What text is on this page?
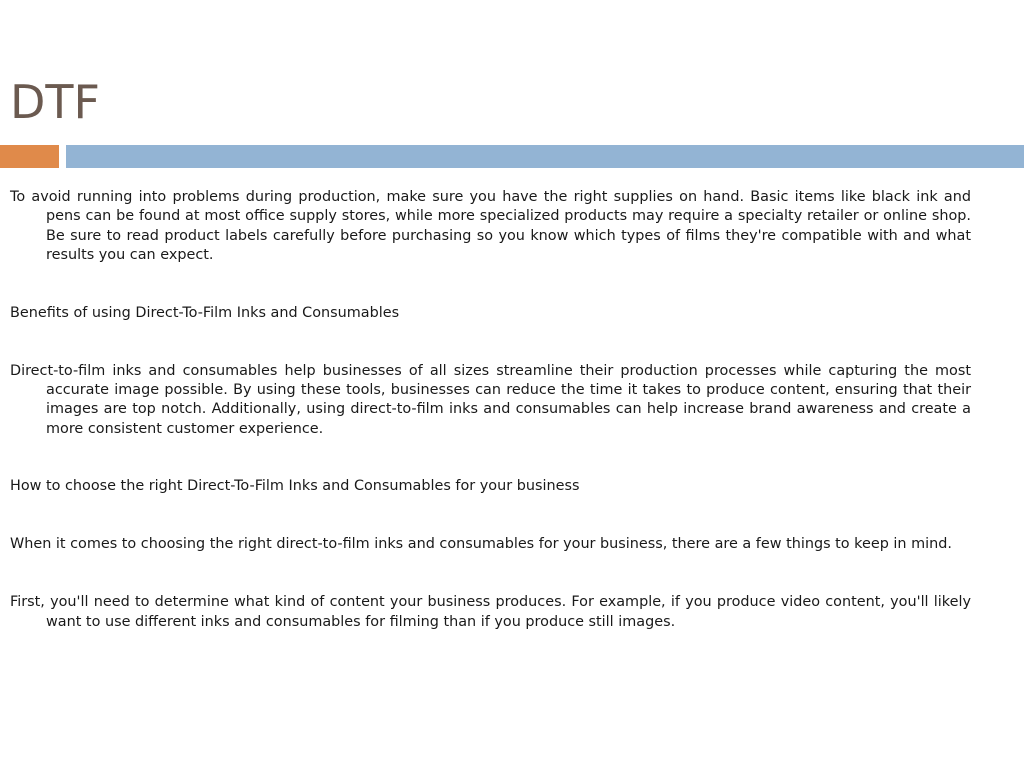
DTF

To avoid running into problems during production, make sure you have the right supplies on hand. Basic items like black ink and pens can be found at most office supply stores, while more specialized products may require a specialty retailer or online shop. Be sure to read product labels carefully before purchasing so you know which types of films they're compatible with and what results you can expect.

Benefits of using Direct-To-Film Inks and Consumables

Direct-to-film inks and consumables help businesses of all sizes streamline their production processes while capturing the most accurate image possible. By using these tools, businesses can reduce the time it takes to produce content, ensuring that their images are top notch. Additionally, using direct-to-film inks and consumables can help increase brand awareness and create a more consistent customer experience.

How to choose the right Direct-To-Film Inks and Consumables for your business

When it comes to choosing the right direct-to-film inks and consumables for your business, there are a few things to keep in mind.

First, you'll need to determine what kind of content your business produces. For example, if you produce video content, you'll likely want to use different inks and consumables for filming than if you produce still images.
